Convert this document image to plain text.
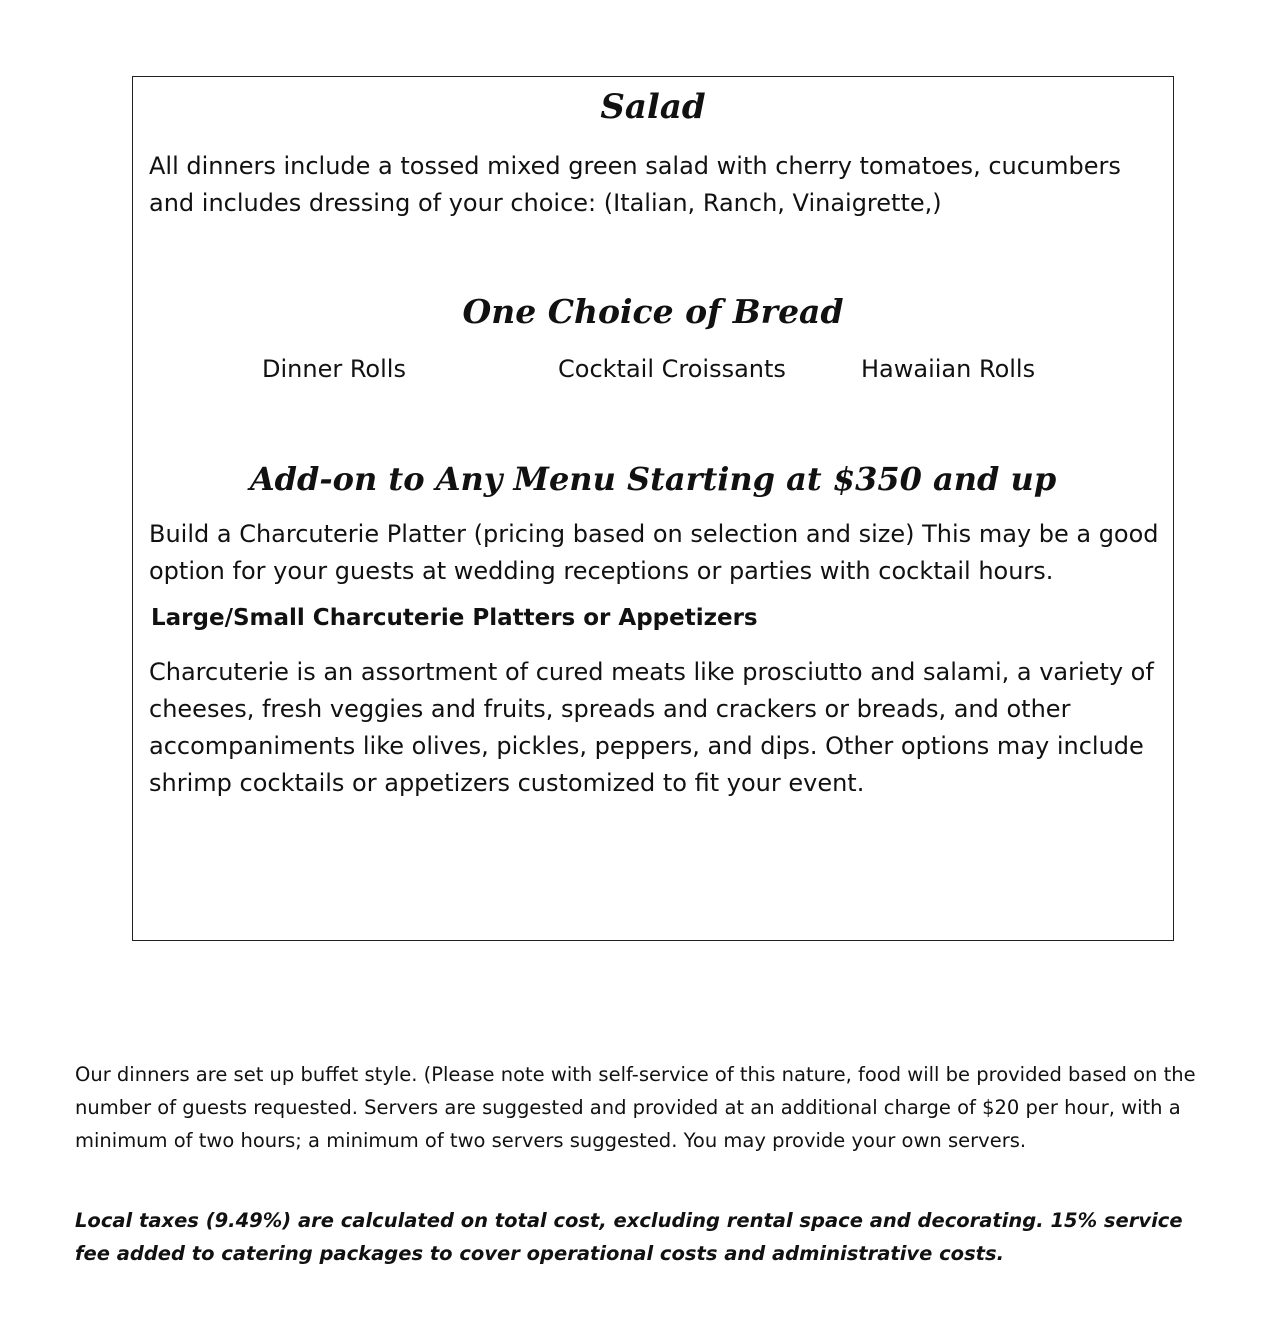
Salad

All dinners include a tossed mixed green salad with cherry tomatoes, cucumbers and includes dressing of your choice: (Italian, Ranch, Vinaigrette,)

One Choice of Bread

Dinner Rolls	Cocktail Croissants	Hawaiian Rolls

Add-on to Any Menu Starting at $350 and up

Build a Charcuterie Platter (pricing based on selection and size) This may be a good option for your guests at wedding receptions or parties with cocktail hours.

Large/Small Charcuterie Platters or Appetizers

Charcuterie is an assortment of cured meats like prosciutto and salami, a variety of cheeses, fresh veggies and fruits, spreads and crackers or breads, and other accompaniments like olives, pickles, peppers, and dips. Other options may include shrimp cocktails or appetizers customized to fit your event.

Our dinners are set up buffet style. (Please note with self-service of this nature, food will be provided based on the number of guests requested. Servers are suggested and provided at an additional charge of $20 per hour, with a minimum of two hours; a minimum of two servers suggested. You may provide your own servers.

Local taxes (9.49%) are calculated on total cost, excluding rental space and decorating. 15% service fee added to catering packages to cover operational costs and administrative costs.
